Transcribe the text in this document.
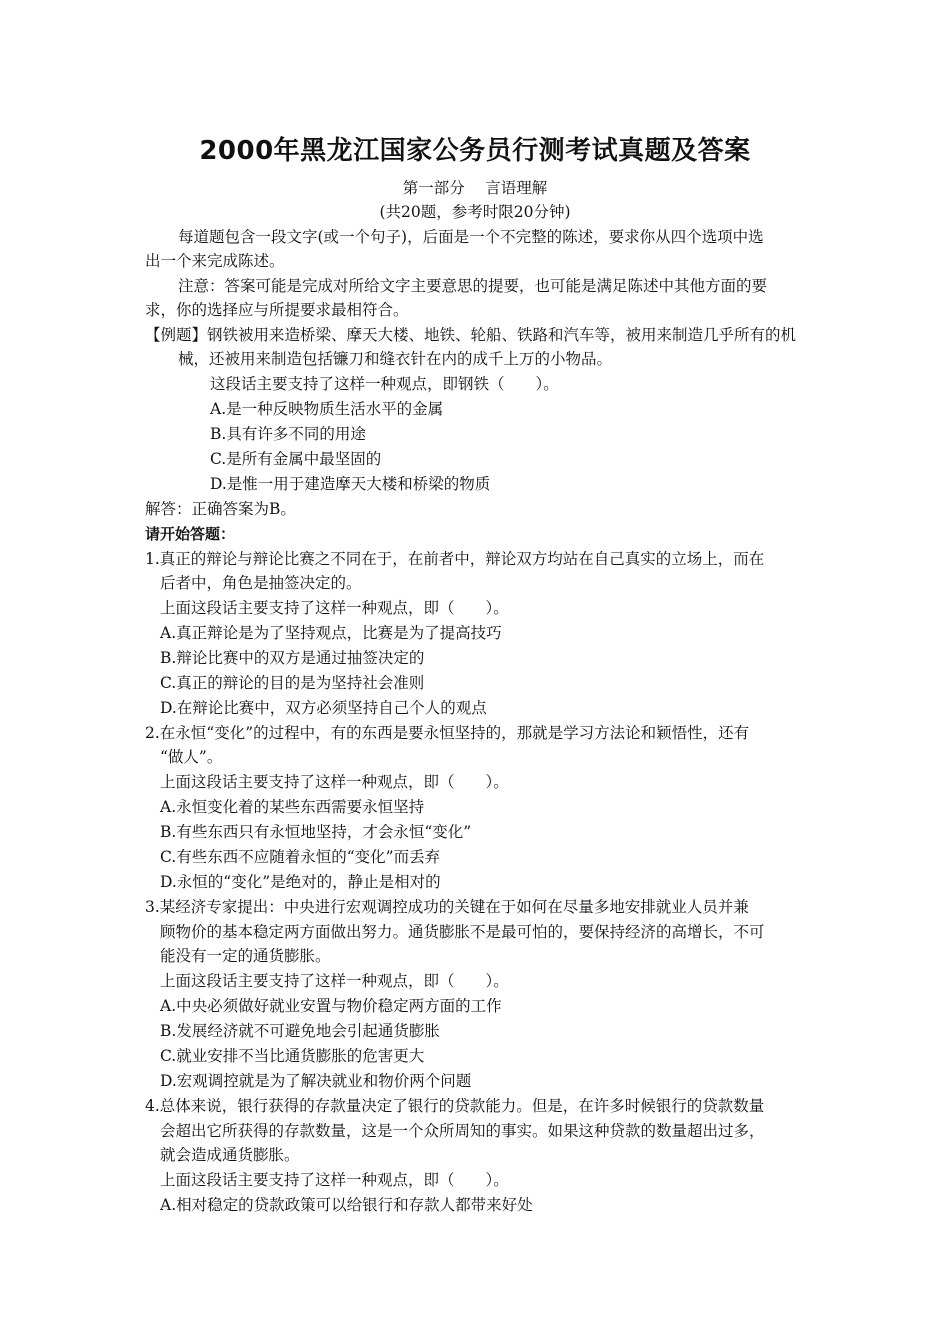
2000年黑龙江国家公务员行测考试真题及答案
第一部分　 言语理解
(共20题，参考时限20分钟)
每道题包含一段文字(或一个句子)，后面是一个不完整的陈述，要求你从四个选项中选
出一个来完成陈述。
注意：答案可能是完成对所给文字主要意思的提要，也可能是满足陈述中其他方面的要
求，你的选择应与所提要求最相符合。
【例题】钢铁被用来造桥梁、摩天大楼、地铁、轮船、铁路和汽车等，被用来制造几乎所有的机
械，还被用来制造包括镰刀和缝衣针在内的成千上万的小物品。
这段话主要支持了这样一种观点，即钢铁（　　）。
A.是一种反映物质生活水平的金属
B.具有许多不同的用途
C.是所有金属中最坚固的
D.是惟一用于建造摩天大楼和桥梁的物质
解答：正确答案为B。
请开始答题：
1.真正的辩论与辩论比赛之不同在于，在前者中，辩论双方均站在自己真实的立场上，而在
后者中，角色是抽签决定的。
上面这段话主要支持了这样一种观点，即（　　）。
A.真正辩论是为了坚持观点，比赛是为了提高技巧
B.辩论比赛中的双方是通过抽签决定的
C.真正的辩论的目的是为坚持社会准则
D.在辩论比赛中，双方必须坚持自己个人的观点
2.在永恒“变化”的过程中，有的东西是要永恒坚持的，那就是学习方法论和颖悟性，还有
“做人”。
上面这段话主要支持了这样一种观点，即（　　）。
A.永恒变化着的某些东西需要永恒坚持
B.有些东西只有永恒地坚持，才会永恒“变化”
C.有些东西不应随着永恒的“变化”而丢弃
D.永恒的“变化”是绝对的，静止是相对的
3.某经济专家提出：中央进行宏观调控成功的关键在于如何在尽量多地安排就业人员并兼
顾物价的基本稳定两方面做出努力。通货膨胀不是最可怕的，要保持经济的高增长，不可
能没有一定的通货膨胀。
上面这段话主要支持了这样一种观点，即（　　）。
A.中央必须做好就业安置与物价稳定两方面的工作
B.发展经济就不可避免地会引起通货膨胀
C.就业安排不当比通货膨胀的危害更大
D.宏观调控就是为了解决就业和物价两个问题
4.总体来说，银行获得的存款量决定了银行的贷款能力。但是，在许多时候银行的贷款数量
会超出它所获得的存款数量，这是一个众所周知的事实。如果这种贷款的数量超出过多，
就会造成通货膨胀。
上面这段话主要支持了这样一种观点，即（　　）。
A.相对稳定的贷款政策可以给银行和存款人都带来好处
